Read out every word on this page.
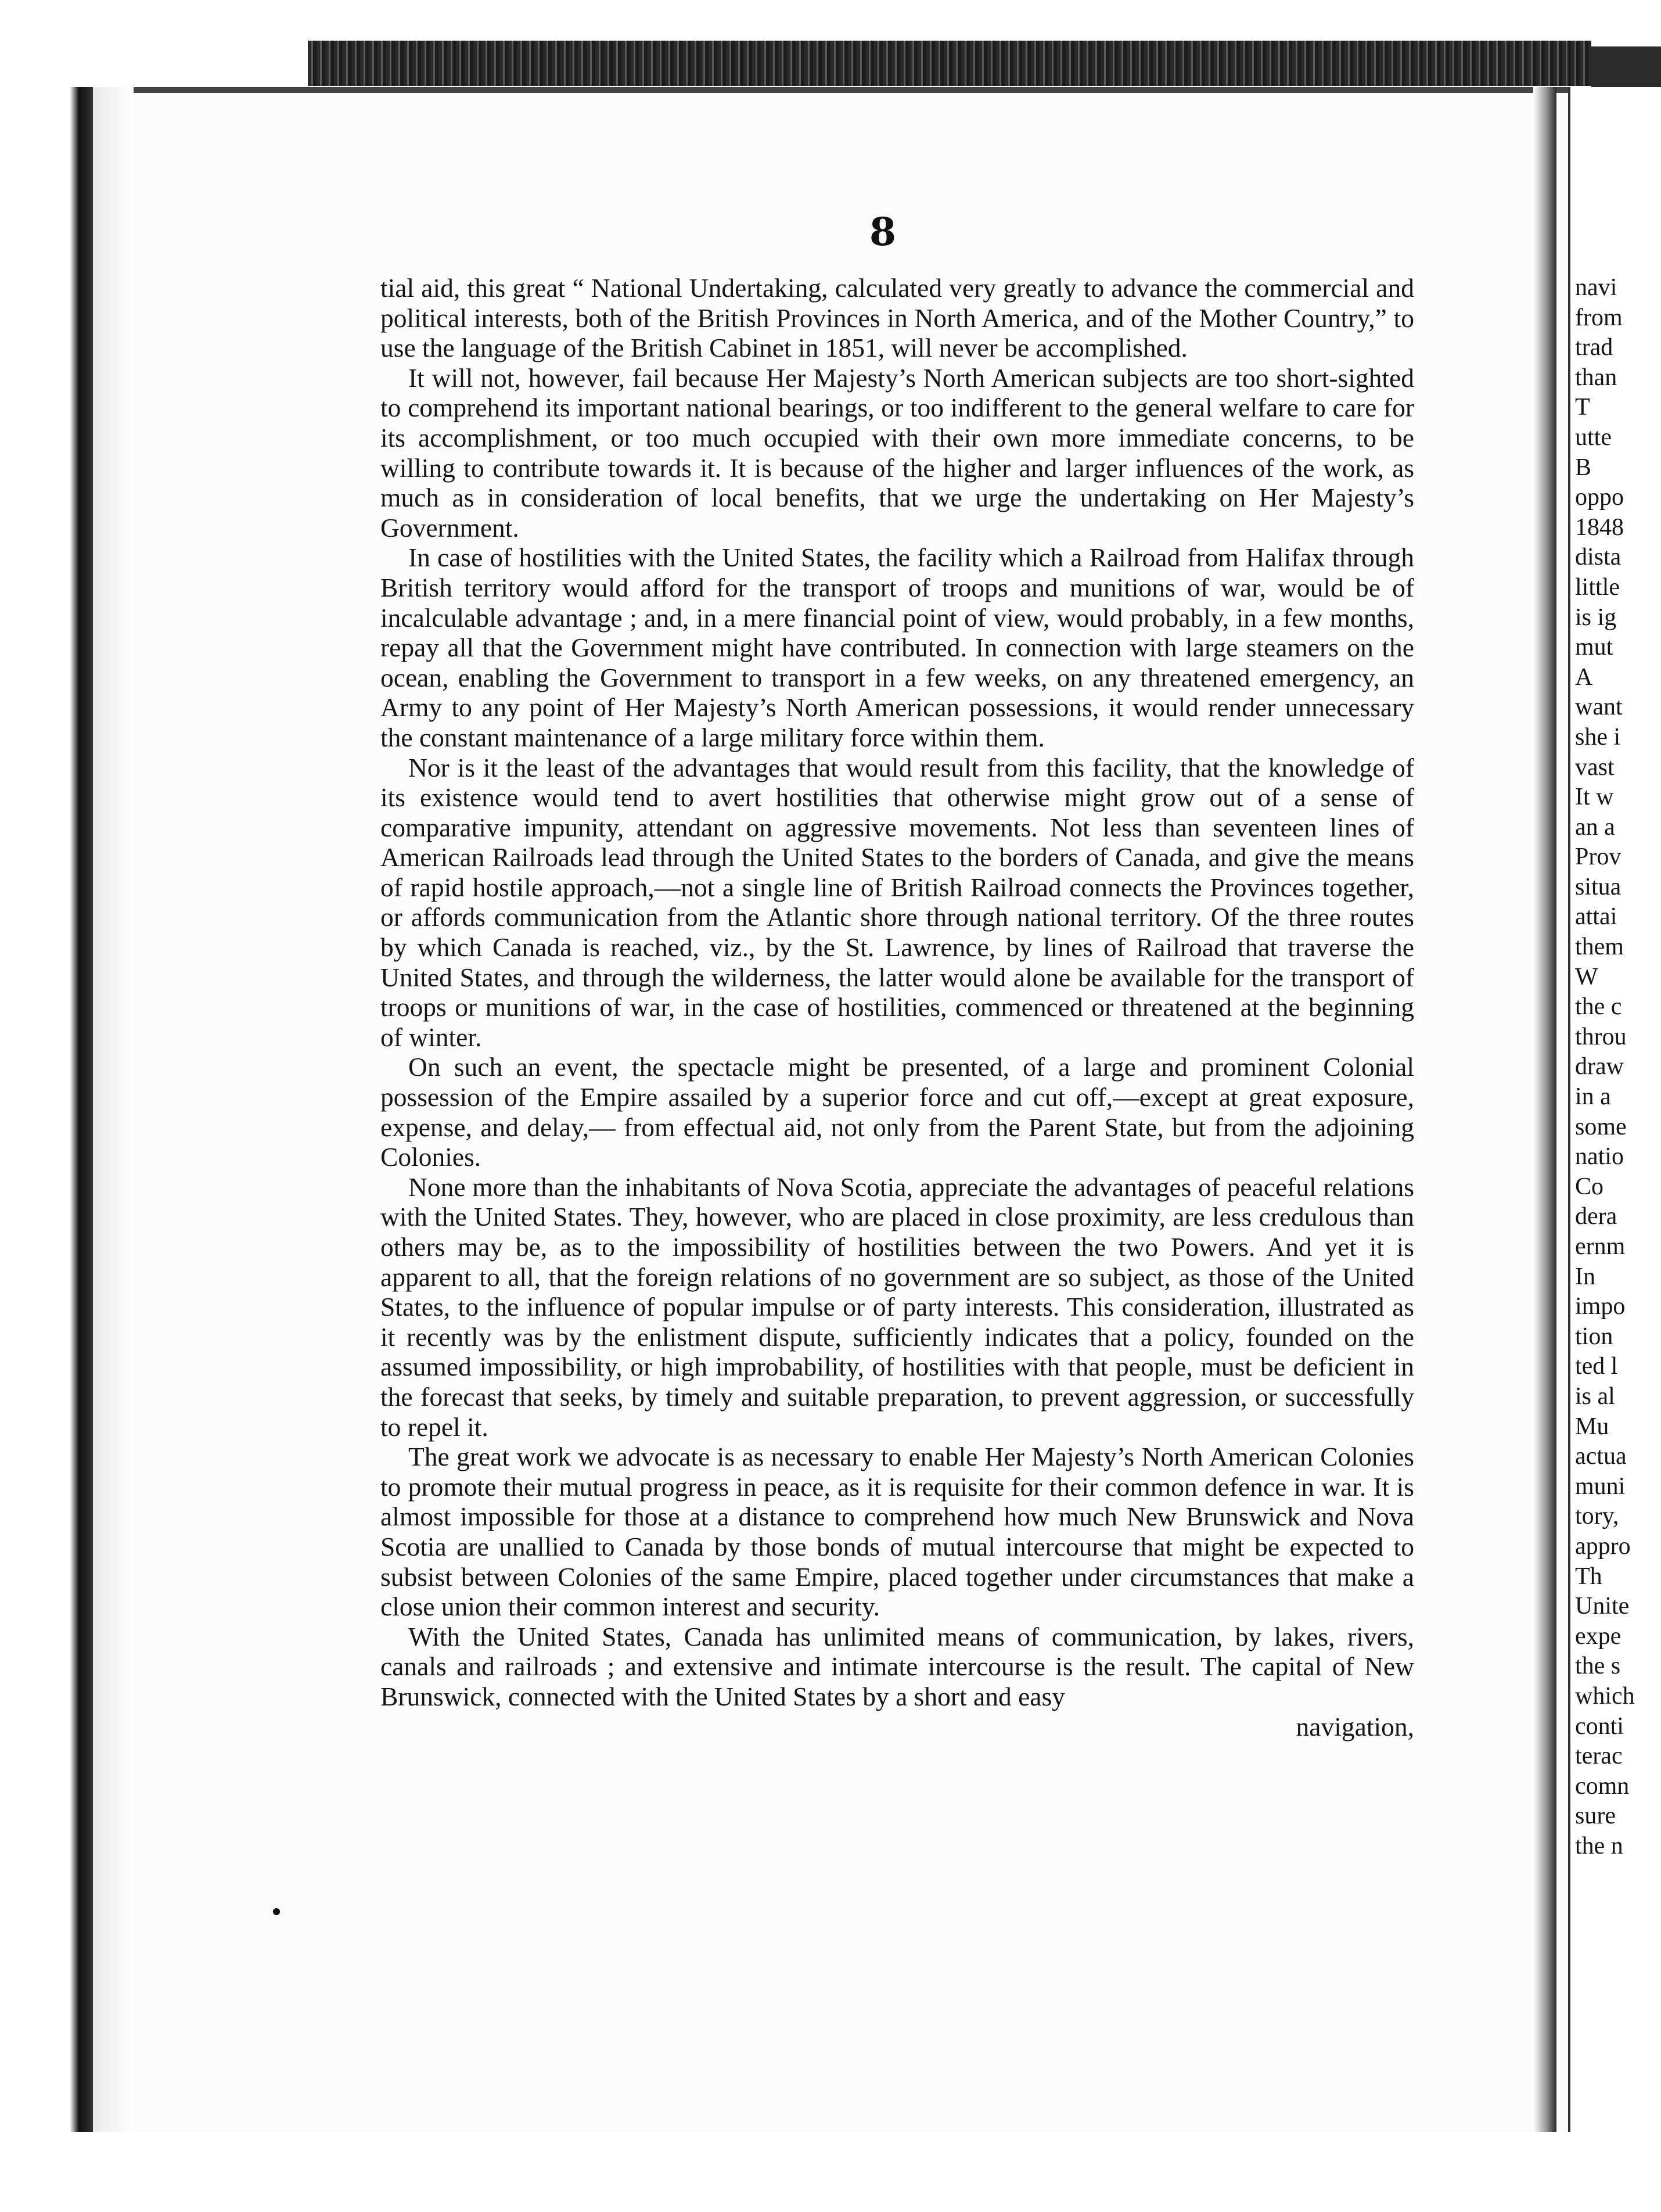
8

tial aid, this great “ National Undertaking, calculated very greatly to advance the commercial and political interests, both of the British Provinces in North America, and of the Mother Country,” to use the language of the British Cabinet in 1851, will never be accomplished.

It will not, however, fail because Her Majesty’s North American subjects are too short-sighted to comprehend its important national bearings, or too indifferent to the general welfare to care for its accomplishment, or too much occupied with their own more immediate concerns, to be willing to contribute towards it. It is because of the higher and larger influences of the work, as much as in consideration of local benefits, that we urge the undertaking on Her Majesty’s Government.

In case of hostilities with the United States, the facility which a Railroad from Halifax through British territory would afford for the transport of troops and munitions of war, would be of incalculable advantage ; and, in a mere financial point of view, would probably, in a few months, repay all that the Government might have contributed. In connection with large steamers on the ocean, enabling the Government to transport in a few weeks, on any threatened emergency, an Army to any point of Her Majesty’s North American possessions, it would render unnecessary the constant maintenance of a large military force within them.

Nor is it the least of the advantages that would result from this facility, that the knowledge of its existence would tend to avert hostilities that otherwise might grow out of a sense of comparative impunity, attendant on aggressive movements. Not less than seventeen lines of American Railroads lead through the United States to the borders of Canada, and give the means of rapid hostile approach,—not a single line of British Railroad connects the Provinces together, or affords communication from the Atlantic shore through national territory. Of the three routes by which Canada is reached, viz., by the St. Lawrence, by lines of Railroad that traverse the United States, and through the wilderness, the latter would alone be available for the transport of troops or munitions of war, in the case of hostilities, commenced or threatened at the beginning of winter.

On such an event, the spectacle might be presented, of a large and prominent Colonial possession of the Empire assailed by a superior force and cut off,—except at great exposure, expense, and delay,— from effectual aid, not only from the Parent State, but from the adjoining Colonies.

None more than the inhabitants of Nova Scotia, appreciate the advantages of peaceful relations with the United States. They, however, who are placed in close proximity, are less credulous than others may be, as to the impossibility of hostilities between the two Powers. And yet it is apparent to all, that the foreign relations of no government are so subject, as those of the United States, to the influence of popular impulse or of party interests. This consideration, illustrated as it recently was by the enlistment dispute, sufficiently indicates that a policy, founded on the assumed impossibility, or high improbability, of hostilities with that people, must be deficient in the forecast that seeks, by timely and suitable preparation, to prevent aggression, or successfully to repel it.

The great work we advocate is as necessary to enable Her Majesty’s North American Colonies to promote their mutual progress in peace, as it is requisite for their common defence in war. It is almost impossible for those at a distance to comprehend how much New Brunswick and Nova Scotia are unallied to Canada by those bonds of mutual intercourse that might be expected to subsist between Colonies of the same Empire, placed together under circumstances that make a close union their common interest and security.

With the United States, Canada has unlimited means of communication, by lakes, rivers, canals and railroads ; and extensive and intimate intercourse is the result. The capital of New Brunswick, connected with the United States by a short and easy

navigation,

navi
from
trad
than
T
utte
B
oppo
1848
dista
little
is ig
mut
A
want
she i
vast
It w
an a
Prov
situa
attai
them
W
the c
throu
draw
in a
some
natio
Co
dera
ernm
In
impo
tion
ted l
is al
Mu
actua
muni
tory,
appro
Th
Unite
expe
the s
which
conti
terac
comn
sure
the n
